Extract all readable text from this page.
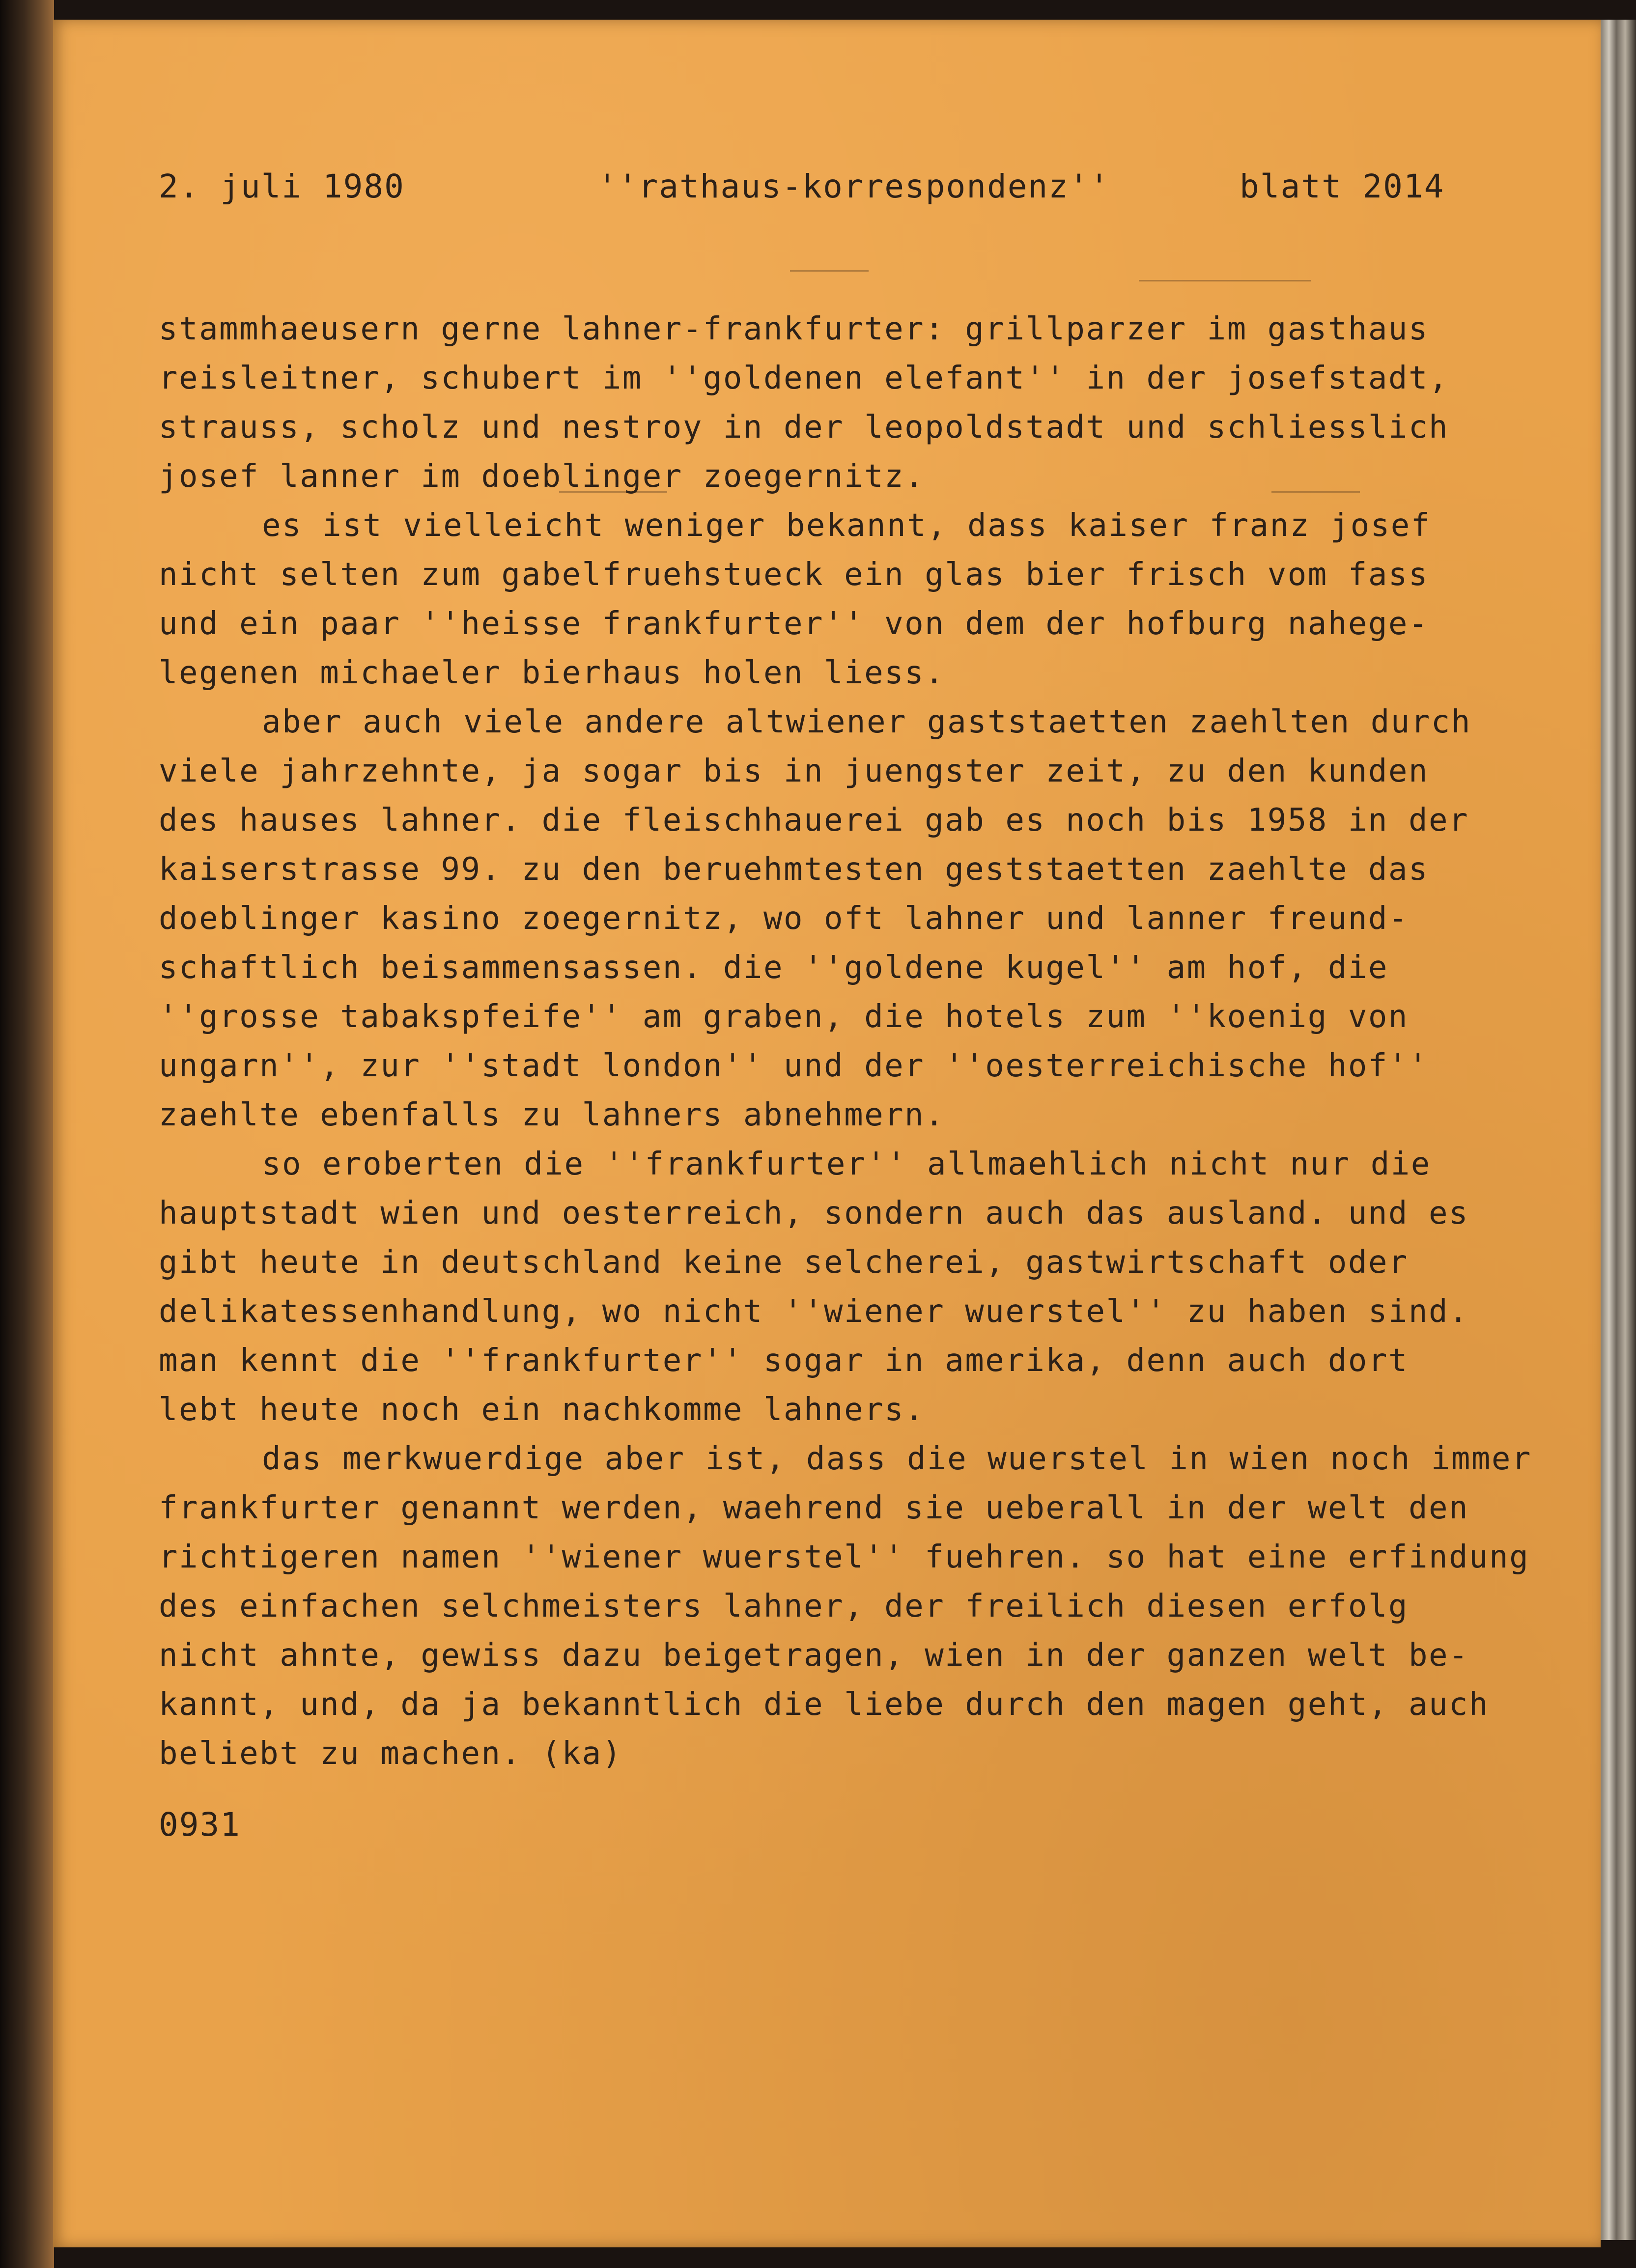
2. juli 1980	''rathaus-korrespondenz''	blatt 2014
stammhaeusern gerne lahner-frankfurter: grillparzer im gasthaus
reisleitner, schubert im ''goldenen elefant'' in der josefstadt,
strauss, scholz und nestroy in der leopoldstadt und schliesslich
josef lanner im doeblinger zoegernitz.
es ist vielleicht weniger bekannt, dass kaiser franz josef
nicht selten zum gabelfruehstueck ein glas bier frisch vom fass
und ein paar ''heisse frankfurter'' von dem der hofburg nahege-
legenen michaeler bierhaus holen liess.
aber auch viele andere altwiener gaststaetten zaehlten durch
viele jahrzehnte, ja sogar bis in juengster zeit, zu den kunden
des hauses lahner. die fleischhauerei gab es noch bis 1958 in der
kaiserstrasse 99. zu den beruehmtesten geststaetten zaehlte das
doeblinger kasino zoegernitz, wo oft lahner und lanner freund-
schaftlich beisammensassen. die ''goldene kugel'' am hof, die
''grosse tabakspfeife'' am graben, die hotels zum ''koenig von
ungarn'', zur ''stadt london'' und der ''oesterreichische hof''
zaehlte ebenfalls zu lahners abnehmern.
so eroberten die ''frankfurter'' allmaehlich nicht nur die
hauptstadt wien und oesterreich, sondern auch das ausland. und es
gibt heute in deutschland keine selcherei, gastwirtschaft oder
delikatessenhandlung, wo nicht ''wiener wuerstel'' zu haben sind.
man kennt die ''frankfurter'' sogar in amerika, denn auch dort
lebt heute noch ein nachkomme lahners.
das merkwuerdige aber ist, dass die wuerstel in wien noch immer
frankfurter genannt werden, waehrend sie ueberall in der welt den
richtigeren namen ''wiener wuerstel'' fuehren. so hat eine erfindung
des einfachen selchmeisters lahner, der freilich diesen erfolg
nicht ahnte, gewiss dazu beigetragen, wien in der ganzen welt be-
kannt, und, da ja bekanntlich die liebe durch den magen geht, auch
beliebt zu machen. (ka)
0931
